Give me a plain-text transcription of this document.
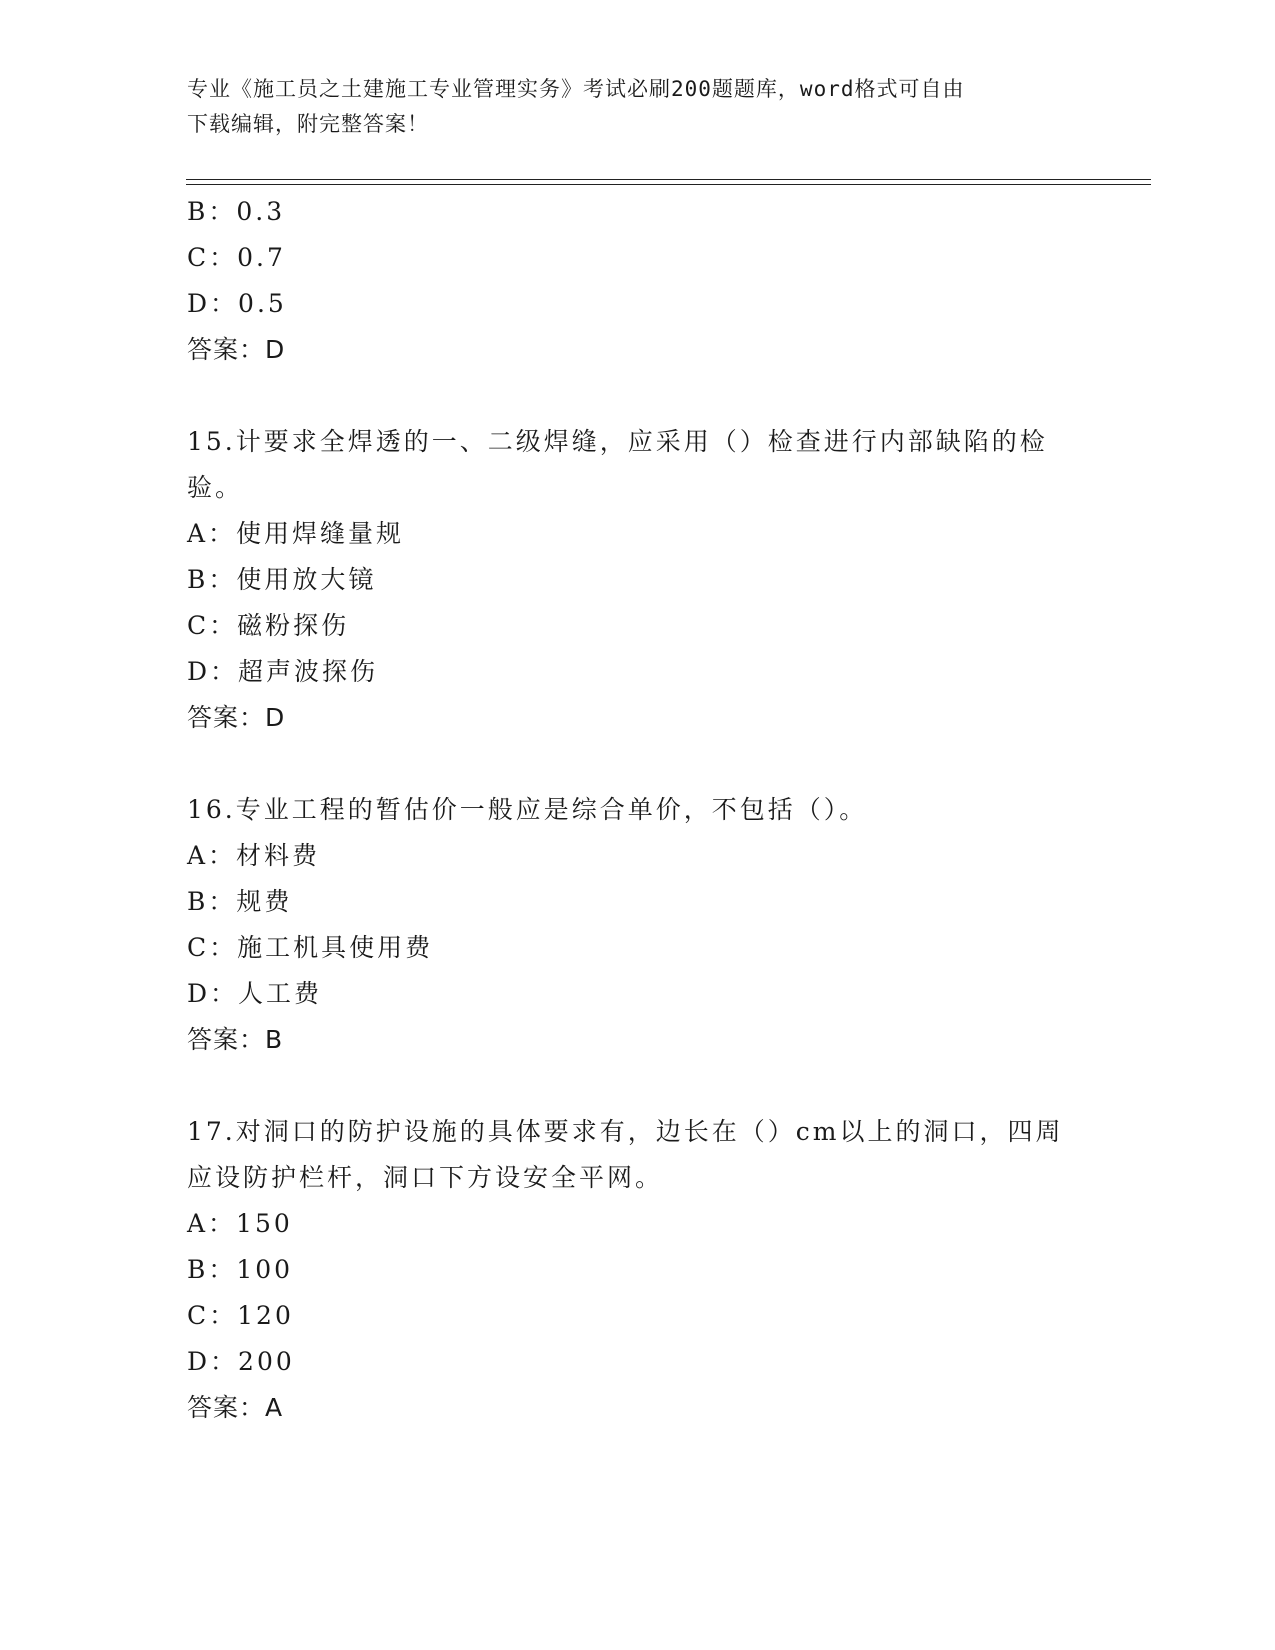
专业《施工员之土建施工专业管理实务》考试必刷200题题库，word格式可自由
下载编辑，附完整答案！
B：0.3
C：0.7
D：0.5
答案：D
15.计要求全焊透的一、二级焊缝，应采用（）检查进行内部缺陷的检
验。
A：使用焊缝量规
B：使用放大镜
C：磁粉探伤
D：超声波探伤
答案：D
16.专业工程的暂估价一般应是综合单价，不包括（）。
A：材料费
B：规费
C：施工机具使用费
D：人工费
答案：B
17.对洞口的防护设施的具体要求有，边长在（）cm以上的洞口，四周
应设防护栏杆，洞口下方设安全平网。
A：150
B：100
C：120
D：200
答案：A
